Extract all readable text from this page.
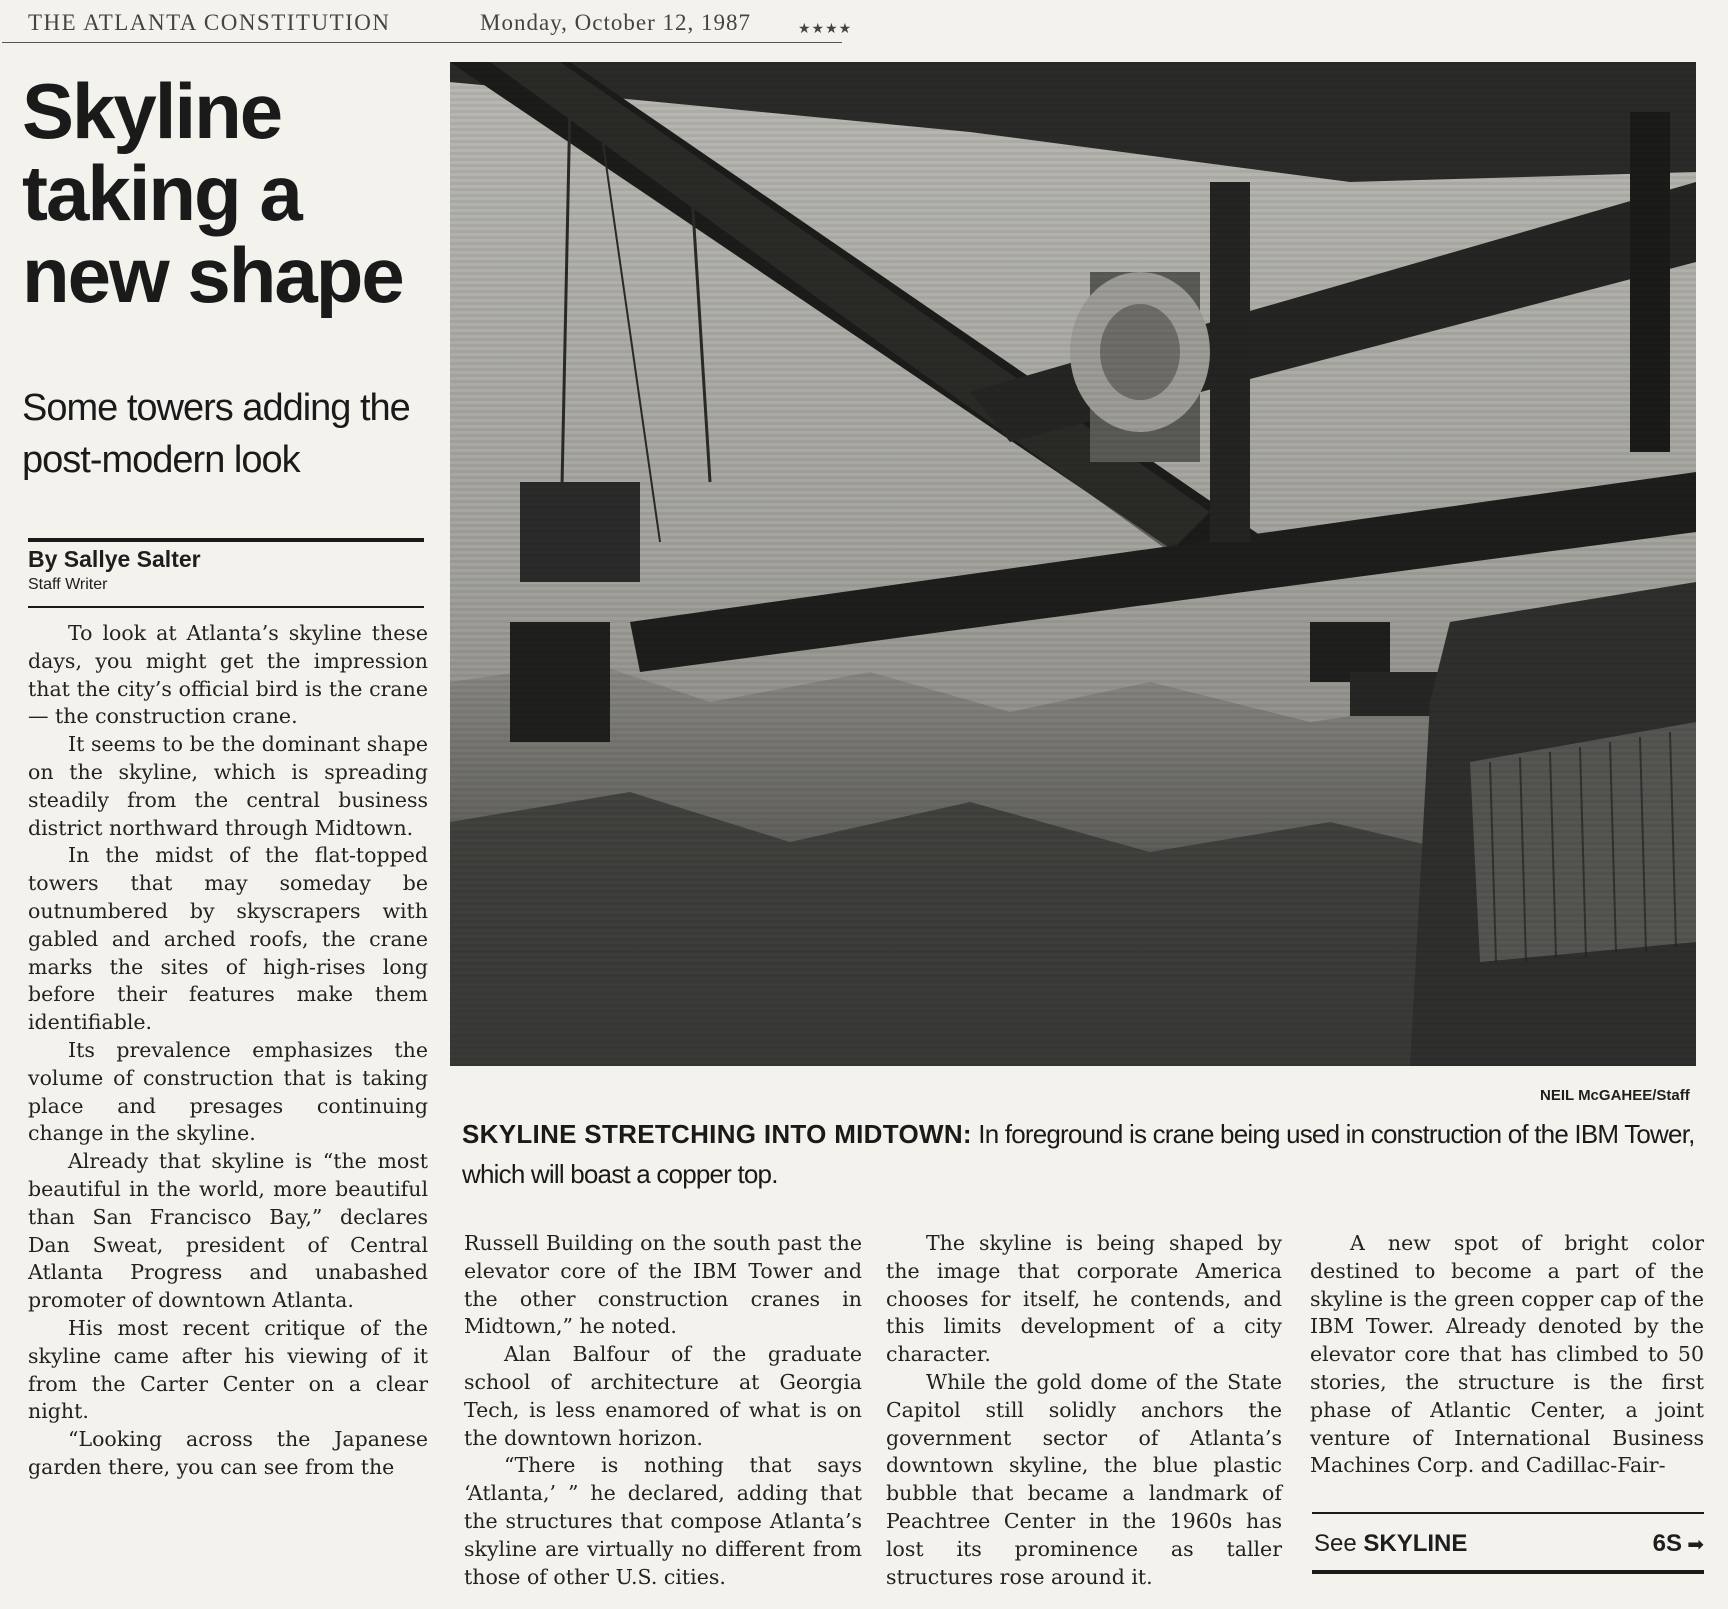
THE ATLANTA CONSTITUTION	Monday, October 12, 1987	★★★★
Skyline taking a new shape
Some towers adding the post-modern look
By Sallye Salter
Staff Writer

To look at Atlanta’s skyline these days, you might get the impression that the city’s official bird is the crane — the construction crane.

It seems to be the dominant shape on the skyline, which is spreading steadily from the central business district northward through Midtown.

In the midst of the flat-topped towers that may someday be outnumbered by skyscrapers with gabled and arched roofs, the crane marks the sites of high-rises long before their features make them identifiable.

Its prevalence emphasizes the volume of construction that is taking place and presages continuing change in the skyline.

Already that skyline is “the most beautiful in the world, more beautiful than San Francisco Bay,” declares Dan Sweat, president of Central Atlanta Progress and unabashed promoter of downtown Atlanta.

His most recent critique of the skyline came after his viewing of it from the Carter Center on a clear night.

“Looking across the Japanese garden there, you can see from the

NEIL McGAHEE/Staff
SKYLINE STRETCHING INTO MIDTOWN: In foreground is crane being used in construction of the IBM Tower, which will boast a copper top.

Russell Building on the south past the elevator core of the IBM Tower and the other construction cranes in Midtown,” he noted.

Alan Balfour of the graduate school of architecture at Georgia Tech, is less enamored of what is on the downtown horizon.

“There is nothing that says ‘Atlanta,’ ” he declared, adding that the structures that compose Atlanta’s skyline are virtually no different from those of other U.S. cities.

The skyline is being shaped by the image that corporate America chooses for itself, he contends, and this limits development of a city character.

While the gold dome of the State Capitol still solidly anchors the government sector of Atlanta’s downtown skyline, the blue plastic bubble that became a landmark of Peachtree Center in the 1960s has lost its prominence as taller structures rose around it.

A new spot of bright color destined to become a part of the skyline is the green copper cap of the IBM Tower. Already denoted by the elevator core that has climbed to 50 stories, the structure is the first phase of Atlantic Center, a joint venture of International Business Machines Corp. and Cadillac-Fair-

See SKYLINE	6S ➡
